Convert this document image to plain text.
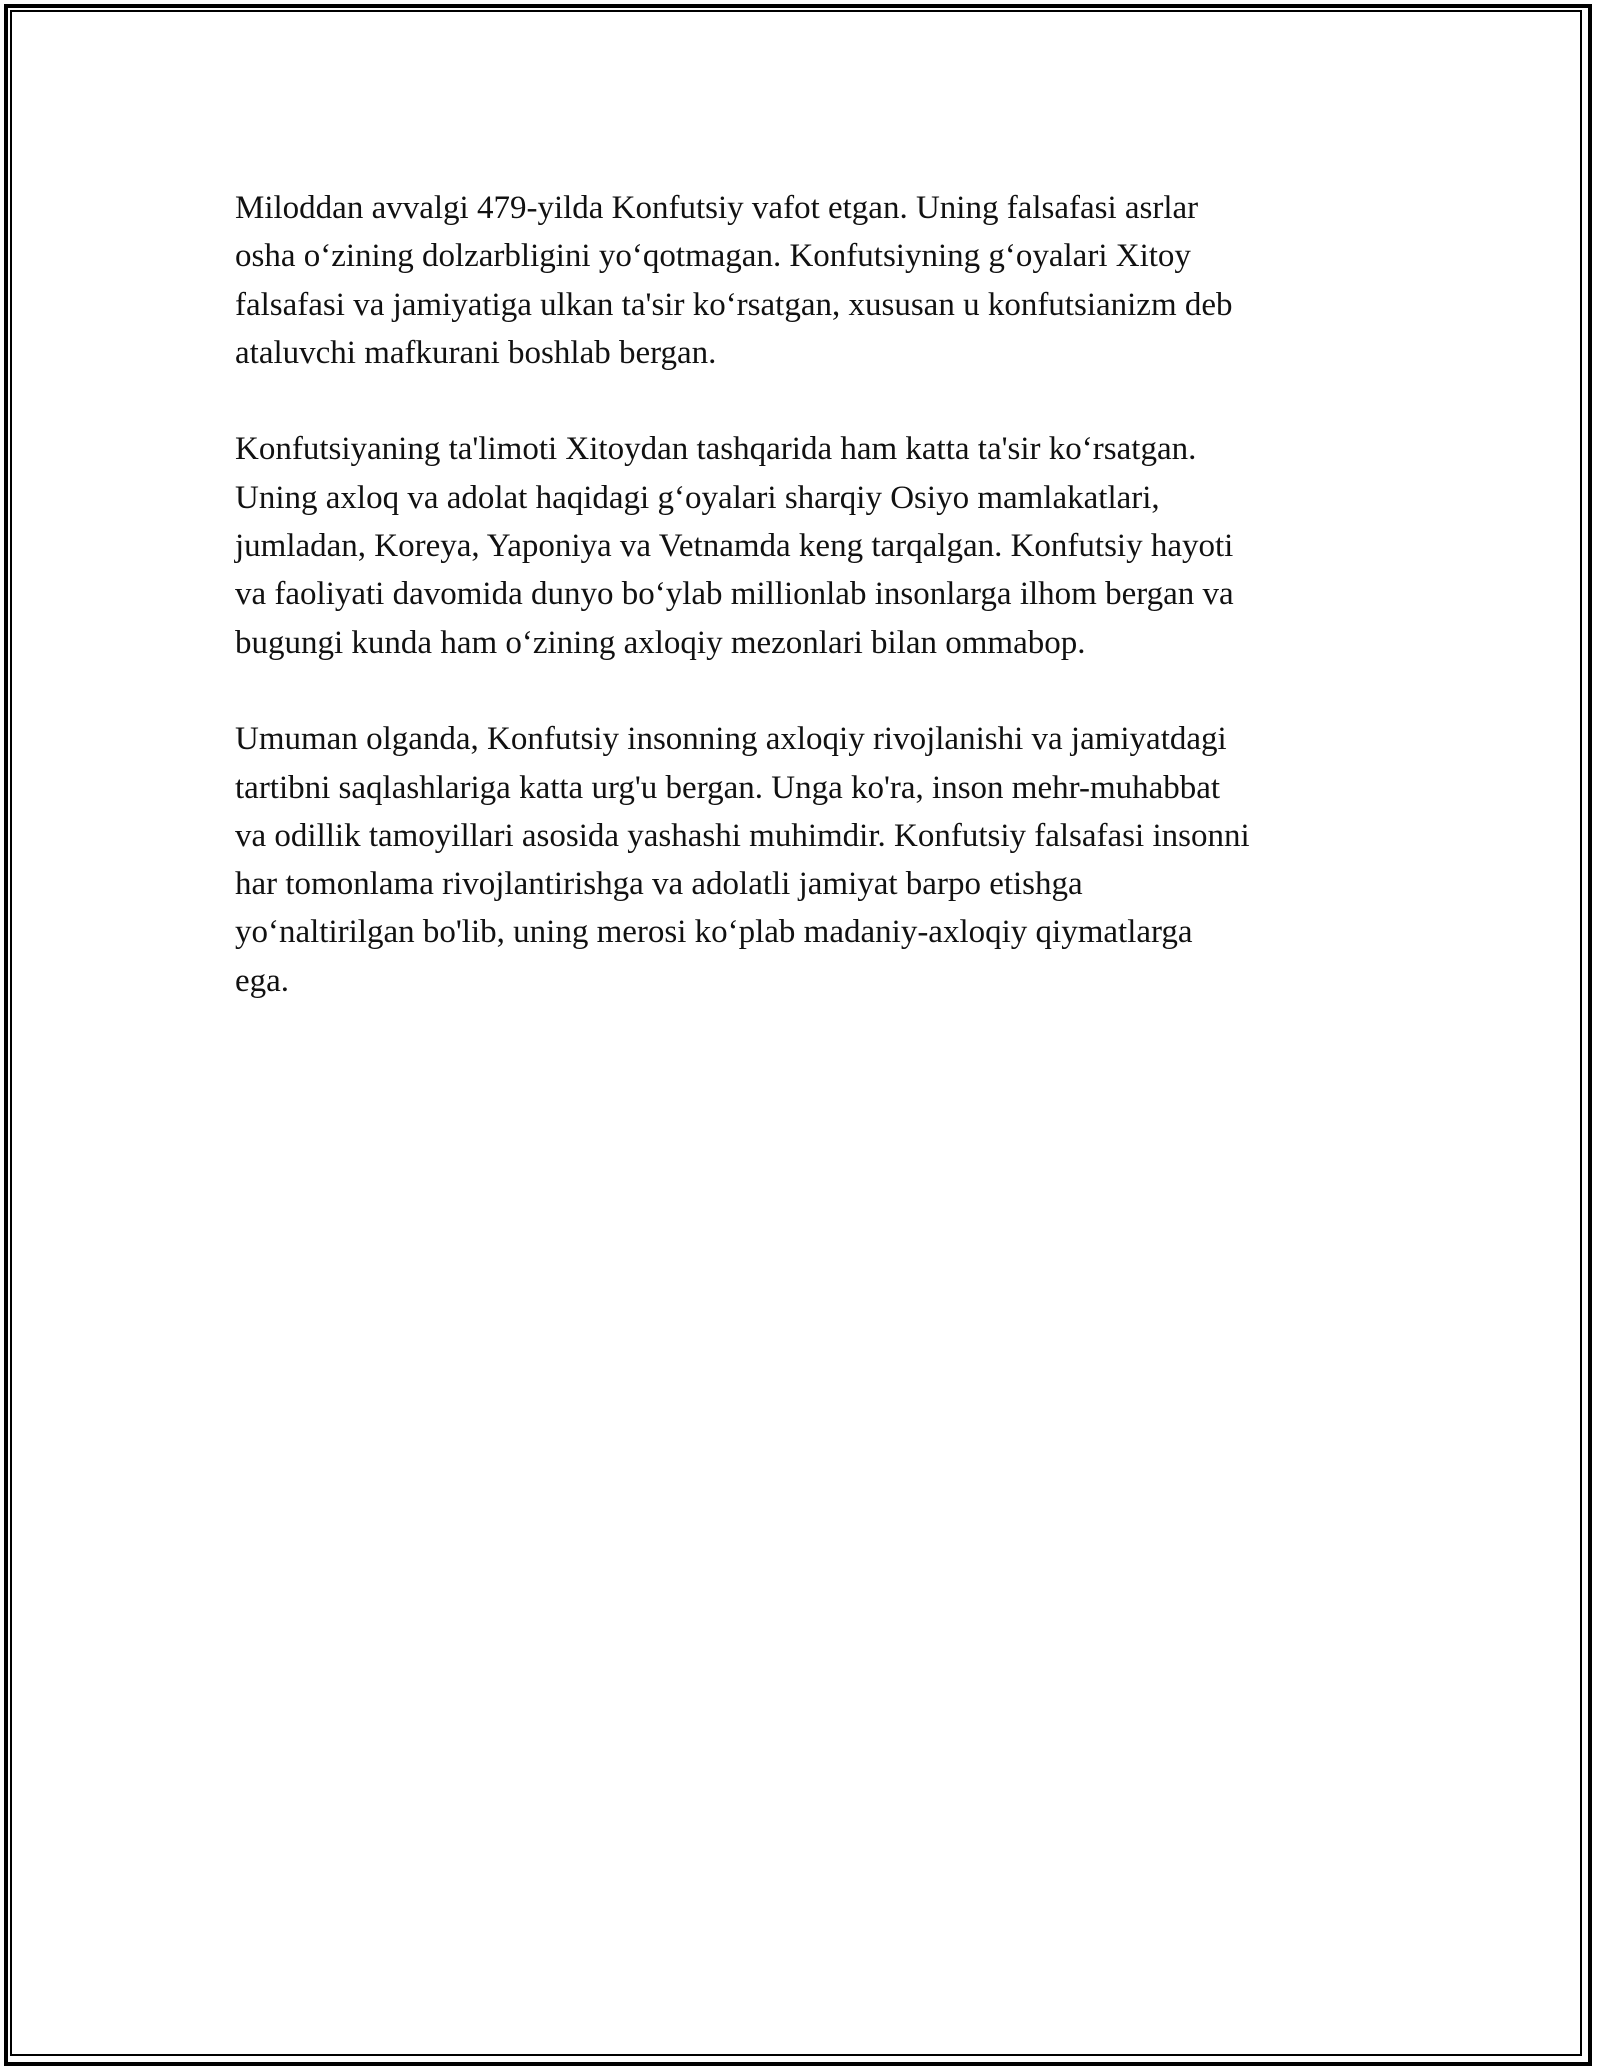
Miloddan avvalgi 479-yilda Konfutsiy vafot etgan. Uning falsafasi asrlar
osha o‘zining dolzarbligini yo‘qotmagan. Konfutsiyning g‘oyalari Xitoy
falsafasi va jamiyatiga ulkan ta'sir ko‘rsatgan, xususan u konfutsianizm deb
ataluvchi mafkurani boshlab bergan.

Konfutsiyaning ta'limoti Xitoydan tashqarida ham katta ta'sir ko‘rsatgan.
Uning axloq va adolat haqidagi g‘oyalari sharqiy Osiyo mamlakatlari,
jumladan, Koreya, Yaponiya va Vetnamda keng tarqalgan. Konfutsiy hayoti
va faoliyati davomida dunyo bo‘ylab millionlab insonlarga ilhom bergan va
bugungi kunda ham o‘zining axloqiy mezonlari bilan ommabop.

Umuman olganda, Konfutsiy insonning axloqiy rivojlanishi va jamiyatdagi
tartibni saqlashlariga katta urg'u bergan. Unga ko'ra, inson mehr-muhabbat
va odillik tamoyillari asosida yashashi muhimdir. Konfutsiy falsafasi insonni
har tomonlama rivojlantirishga va adolatli jamiyat barpo etishga
yo‘naltirilgan bo'lib, uning merosi ko‘plab madaniy-axloqiy qiymatlarga
ega.
